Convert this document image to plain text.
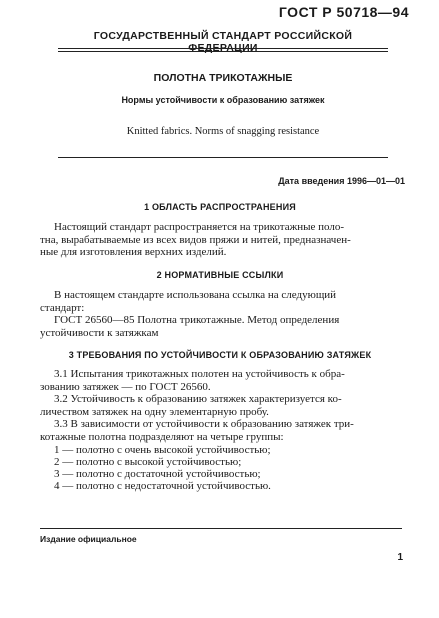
ГОСТ Р 50718—94
ГОСУДАРСТВЕННЫЙ СТАНДАРТ РОССИЙСКОЙ ФЕДЕРАЦИИ
ПОЛОТНА ТРИКОТАЖНЫЕ
Нормы устойчивости к образованию затяжек
Knitted fabrics. Norms of snagging resistance
Дата введения 1996—01—01
1 ОБЛАСТЬ РАСПРОСТРАНЕНИЯ
Настоящий стандарт распространяется на трикотажные поло-
тна, вырабатываемые из всех видов пряжи и нитей, предназначен-
ные для изготовления верхних изделий.
2 НОРМАТИВНЫЕ ССЫЛКИ
В настоящем стандарте использована ссылка на следующий
стандарт:
ГОСТ 26560—85 Полотна трикотажные. Метод определения
устойчивости к затяжкам
3 ТРЕБОВАНИЯ ПО УСТОЙЧИВОСТИ К ОБРАЗОВАНИЮ ЗАТЯЖЕК
3.1 Испытания трикотажных полотен на устойчивость к обра-
зованию затяжек — по ГОСТ 26560.
3.2 Устойчивость к образованию затяжек характеризуется ко-
личеством затяжек на одну элементарную пробу.
3.3 В зависимости от устойчивости к образованию затяжек три-
котажные полотна подразделяют на четыре группы:
1 — полотно с очень высокой устойчивостью;
2 — полотно с высокой устойчивостью;
3 — полотно с достаточной устойчивостью;
4 — полотно с недостаточной устойчивостью.
Издание официальное
1
